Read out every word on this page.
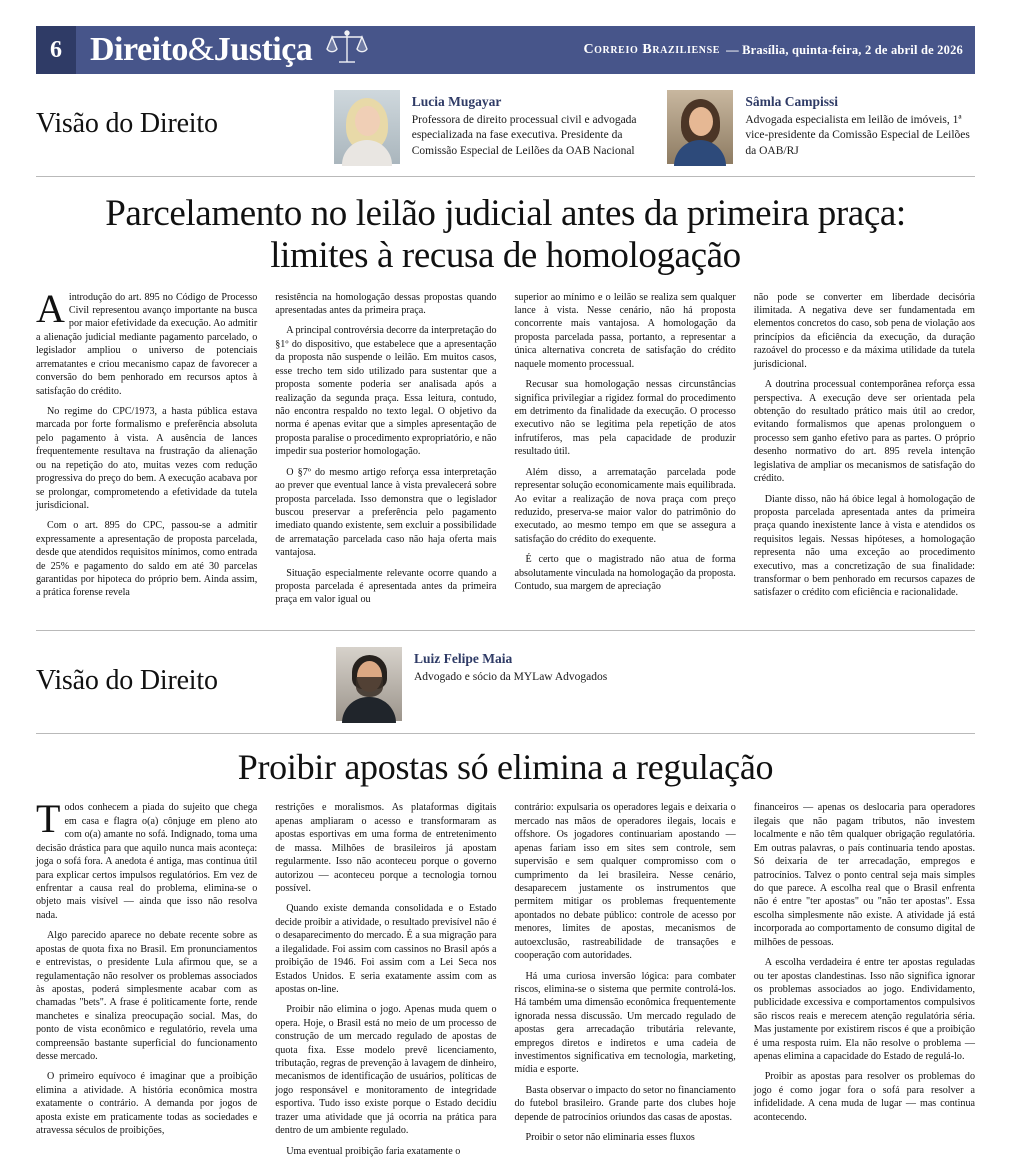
6 Direito&Justiça	Correio Braziliense — Brasília, quinta-feira, 2 de abril de 2026
Visão do Direito
Lucia Mugayar
Professora de direito processual civil e advogada especializada na fase executiva. Presidente da Comissão Especial de Leilões da OAB Nacional
Sâmla Campissi
Advogada especialista em leilão de imóveis, 1ª vice-presidente da Comissão Especial de Leilões da OAB/RJ
Parcelamento no leilão judicial antes da primeira praça: limites à recusa de homologação

Aintrodução do art. 895 no Código de Processo Civil representou avanço importante na busca por maior efetividade da execução. Ao admitir a alienação judicial mediante pagamento parcelado, o legislador ampliou o universo de potenciais arrematantes e criou mecanismo capaz de favorecer a conversão do bem penhorado em recursos aptos à satisfação do crédito.

No regime do CPC/1973, a hasta pública estava marcada por forte formalismo e preferência absoluta pelo pagamento à vista. A ausência de lances frequentemente resultava na frustração da alienação ou na repetição do ato, muitas vezes com redução progressiva do preço do bem. A execução acabava por se prolongar, comprometendo a efetividade da tutela jurisdicional.

Com o art. 895 do CPC, passou-se a admitir expressamente a apresentação de proposta parcelada, desde que atendidos requisitos mínimos, como entrada de 25% e pagamento do saldo em até 30 parcelas garantidas por hipoteca do próprio bem. Ainda assim, a prática forense revela

resistência na homologação dessas propostas quando apresentadas antes da primeira praça.

A principal controvérsia decorre da interpretação do §1º do dispositivo, que estabelece que a apresentação da proposta não suspende o leilão. Em muitos casos, esse trecho tem sido utilizado para sustentar que a proposta somente poderia ser analisada após a realização da segunda praça. Essa leitura, contudo, não encontra respaldo no texto legal. O objetivo da norma é apenas evitar que a simples apresentação de proposta paralise o procedimento expropriatório, e não impedir sua posterior homologação.

O §7º do mesmo artigo reforça essa interpretação ao prever que eventual lance à vista prevalecerá sobre proposta parcelada. Isso demonstra que o legislador buscou preservar a preferência pelo pagamento imediato quando existente, sem excluir a possibilidade de arrematação parcelada caso não haja oferta mais vantajosa.

Situação especialmente relevante ocorre quando a proposta parcelada é apresentada antes da primeira praça em valor igual ou

superior ao mínimo e o leilão se realiza sem qualquer lance à vista. Nesse cenário, não há proposta concorrente mais vantajosa. A homologação da proposta parcelada passa, portanto, a representar a única alternativa concreta de satisfação do crédito naquele momento processual.

Recusar sua homologação nessas circunstâncias significa privilegiar a rigidez formal do procedimento em detrimento da finalidade da execução. O processo executivo não se legitima pela repetição de atos infrutíferos, mas pela capacidade de produzir resultado útil.

Além disso, a arrematação parcelada pode representar solução economicamente mais equilibrada. Ao evitar a realização de nova praça com preço reduzido, preserva-se maior valor do patrimônio do executado, ao mesmo tempo em que se assegura a satisfação do crédito do exequente.

É certo que o magistrado não atua de forma absolutamente vinculada na homologação da proposta. Contudo, sua margem de apreciação

não pode se converter em liberdade decisória ilimitada. A negativa deve ser fundamentada em elementos concretos do caso, sob pena de violação aos princípios da eficiência da execução, da duração razoável do processo e da máxima utilidade da tutela jurisdicional.

A doutrina processual contemporânea reforça essa perspectiva. A execução deve ser orientada pela obtenção do resultado prático mais útil ao credor, evitando formalismos que apenas prolonguem o processo sem ganho efetivo para as partes. O próprio desenho normativo do art. 895 revela intenção legislativa de ampliar os mecanismos de satisfação do crédito.

Diante disso, não há óbice legal à homologação de proposta parcelada apresentada antes da primeira praça quando inexistente lance à vista e atendidos os requisitos legais. Nessas hipóteses, a homologação representa não uma exceção ao procedimento executivo, mas a concretização de sua finalidade: transformar o bem penhorado em recursos capazes de satisfazer o crédito com eficiência e racionalidade.

Visão do Direito
Luiz Felipe Maia
Advogado e sócio da MYLaw Advogados
Proibir apostas só elimina a regulação

Todos conhecem a piada do sujeito que chega em casa e flagra o(a) cônjuge em pleno ato com o(a) amante no sofá. Indignado, toma uma decisão drástica para que aquilo nunca mais aconteça: joga o sofá fora. A anedota é antiga, mas continua útil para explicar certos impulsos regulatórios. Em vez de enfrentar a causa real do problema, elimina-se o objeto mais visível — ainda que isso não resolva nada.

Algo parecido aparece no debate recente sobre as apostas de quota fixa no Brasil. Em pronunciamentos e entrevistas, o presidente Lula afirmou que, se a regulamentação não resolver os problemas associados às apostas, poderá simplesmente acabar com as chamadas "bets". A frase é politicamente forte, rende manchetes e sinaliza preocupação social. Mas, do ponto de vista econômico e regulatório, revela uma compreensão bastante superficial do funcionamento desse mercado.

O primeiro equívoco é imaginar que a proibição elimina a atividade. A história econômica mostra exatamente o contrário. A demanda por jogos de aposta existe em praticamente todas as sociedades e atravessa séculos de proibições,

restrições e moralismos. As plataformas digitais apenas ampliaram o acesso e transformaram as apostas esportivas em uma forma de entretenimento de massa. Milhões de brasileiros já apostam regularmente. Isso não aconteceu porque o governo autorizou — aconteceu porque a tecnologia tornou possível.

Quando existe demanda consolidada e o Estado decide proibir a atividade, o resultado previsível não é o desaparecimento do mercado. É a sua migração para a ilegalidade. Foi assim com cassinos no Brasil após a proibição de 1946. Foi assim com a Lei Seca nos Estados Unidos. E seria exatamente assim com as apostas on-line.

Proibir não elimina o jogo. Apenas muda quem o opera. Hoje, o Brasil está no meio de um processo de construção de um mercado regulado de apostas de quota fixa. Esse modelo prevê licenciamento, tributação, regras de prevenção à lavagem de dinheiro, mecanismos de identificação de usuários, políticas de jogo responsável e monitoramento de integridade esportiva. Tudo isso existe porque o Estado decidiu trazer uma atividade que já ocorria na prática para dentro de um ambiente regulado.

Uma eventual proibição faria exatamente o

contrário: expulsaria os operadores legais e deixaria o mercado nas mãos de operadores ilegais, locais e offshore. Os jogadores continuariam apostando — apenas fariam isso em sites sem controle, sem supervisão e sem qualquer compromisso com o cumprimento da lei brasileira. Nesse cenário, desaparecem justamente os instrumentos que permitem mitigar os problemas frequentemente apontados no debate público: controle de acesso por menores, limites de apostas, mecanismos de autoexclusão, rastreabilidade de transações e cooperação com autoridades.

Há uma curiosa inversão lógica: para combater riscos, elimina-se o sistema que permite controlá-los. Há também uma dimensão econômica frequentemente ignorada nessa discussão. Um mercado regulado de apostas gera arrecadação tributária relevante, empregos diretos e indiretos e uma cadeia de investimentos significativa em tecnologia, marketing, mídia e esporte.

Basta observar o impacto do setor no financiamento do futebol brasileiro. Grande parte dos clubes hoje depende de patrocínios oriundos das casas de apostas.

Proibir o setor não eliminaria esses fluxos

financeiros — apenas os deslocaria para operadores ilegais que não pagam tributos, não investem localmente e não têm qualquer obrigação regulatória. Em outras palavras, o país continuaria tendo apostas. Só deixaria de ter arrecadação, empregos e patrocínios. Talvez o ponto central seja mais simples do que parece. A escolha real que o Brasil enfrenta não é entre "ter apostas" ou "não ter apostas". Essa escolha simplesmente não existe. A atividade já está incorporada ao comportamento de consumo digital de milhões de pessoas.

A escolha verdadeira é entre ter apostas reguladas ou ter apostas clandestinas. Isso não significa ignorar os problemas associados ao jogo. Endividamento, publicidade excessiva e comportamentos compulsivos são riscos reais e merecem atenção regulatória séria. Mas justamente por existirem riscos é que a proibição é uma resposta ruim. Ela não resolve o problema — apenas elimina a capacidade do Estado de regulá-lo.

Proibir as apostas para resolver os problemas do jogo é como jogar fora o sofá para resolver a infidelidade. A cena muda de lugar — mas continua acontecendo.
